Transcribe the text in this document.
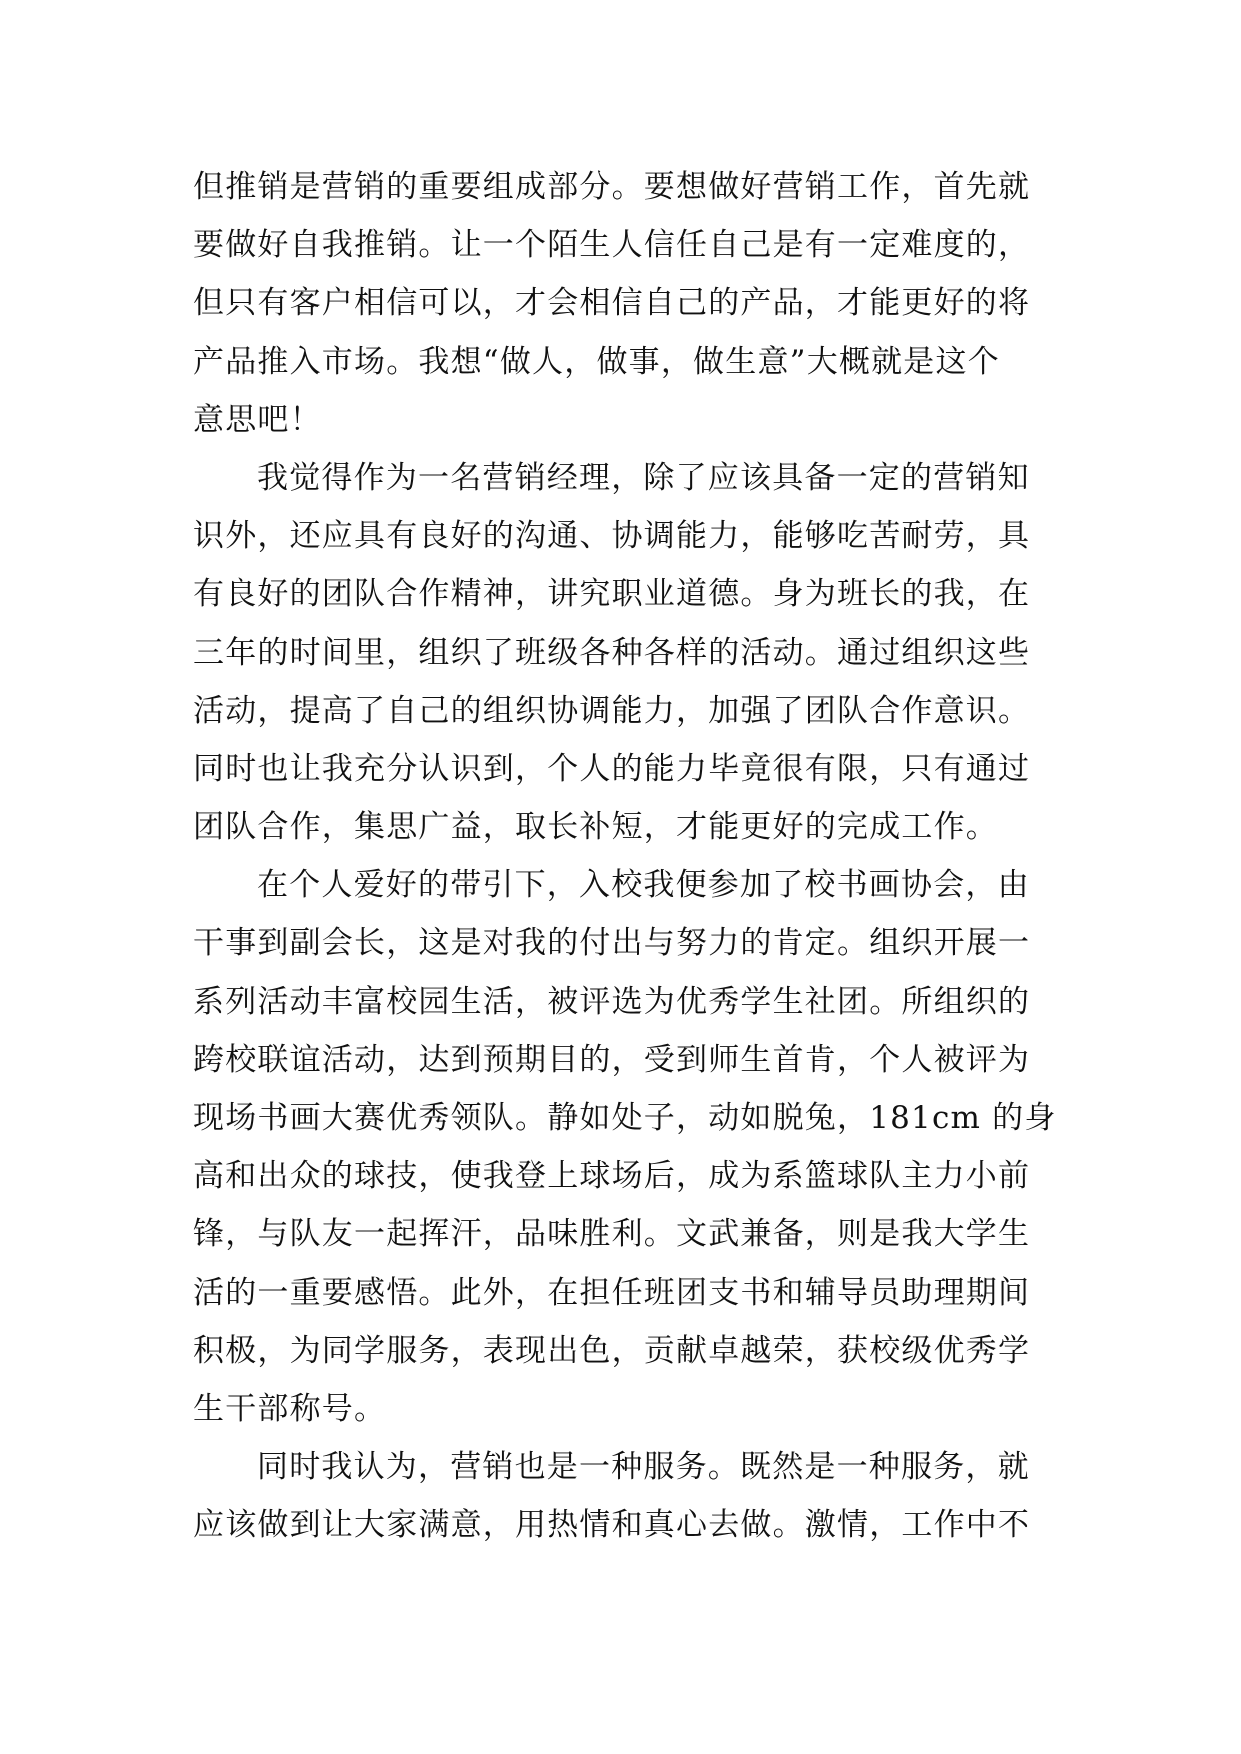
但推销是营销的重要组成部分。要想做好营销工作，首先就
要做好自我推销。让一个陌生人信任自己是有一定难度的，
但只有客户相信可以，才会相信自己的产品，才能更好的将
产品推入市场。我想“做人，做事，做生意”大概就是这个
意思吧！
我觉得作为一名营销经理，除了应该具备一定的营销知
识外，还应具有良好的沟通、协调能力，能够吃苦耐劳，具
有良好的团队合作精神，讲究职业道德。身为班长的我，在
三年的时间里，组织了班级各种各样的活动。通过组织这些
活动，提高了自己的组织协调能力，加强了团队合作意识。
同时也让我充分认识到，个人的能力毕竟很有限，只有通过
团队合作，集思广益，取长补短，才能更好的完成工作。
在个人爱好的带引下，入校我便参加了校书画协会，由
干事到副会长，这是对我的付出与努力的肯定。组织开展一
系列活动丰富校园生活，被评选为优秀学生社团。所组织的
跨校联谊活动，达到预期目的，受到师生首肯，个人被评为
现场书画大赛优秀领队。静如处子，动如脱兔，181cm 的身
高和出众的球技，使我登上球场后，成为系篮球队主力小前
锋，与队友一起挥汗，品味胜利。文武兼备，则是我大学生
活的一重要感悟。此外，在担任班团支书和辅导员助理期间
积极，为同学服务，表现出色，贡献卓越荣，获校级优秀学
生干部称号。
同时我认为，营销也是一种服务。既然是一种服务，就
应该做到让大家满意，用热情和真心去做。激情，工作中不
